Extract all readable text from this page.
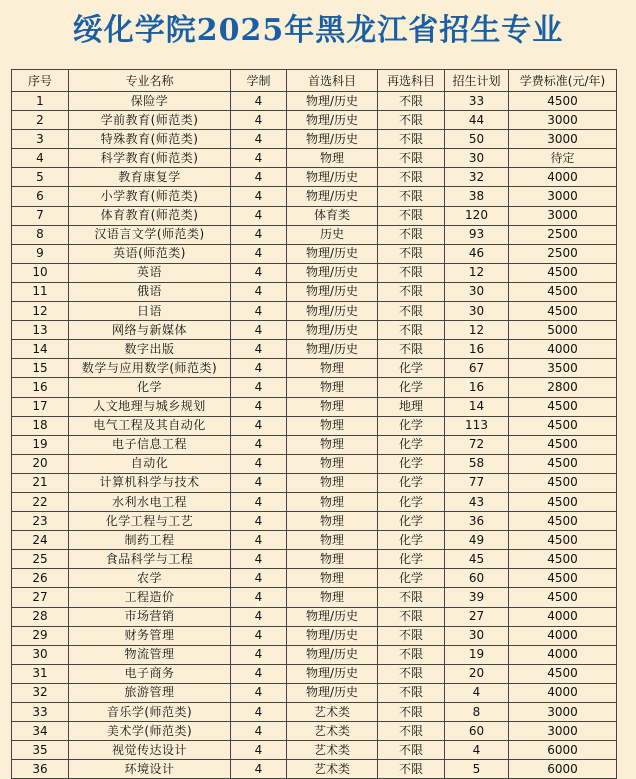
绥化学院2025年黑龙江省招生专业
序号	专业名称	学制	首选科目	再选科目	招生计划	学费标准(元/年)
1	保险学	4	物理/历史	不限	33	4500
2	学前教育(师范类)	4	物理/历史	不限	44	3000
3	特殊教育(师范类)	4	物理/历史	不限	50	3000
4	科学教育(师范类)	4	物理	不限	30	待定
5	教育康复学	4	物理/历史	不限	32	4000
6	小学教育(师范类)	4	物理/历史	不限	38	3000
7	体育教育(师范类)	4	体育类	不限	120	3000
8	汉语言文学(师范类)	4	历史	不限	93	2500
9	英语(师范类)	4	物理/历史	不限	46	2500
10	英语	4	物理/历史	不限	12	4500
11	俄语	4	物理/历史	不限	30	4500
12	日语	4	物理/历史	不限	30	4500
13	网络与新媒体	4	物理/历史	不限	12	5000
14	数字出版	4	物理/历史	不限	16	4000
15	数学与应用数学(师范类)	4	物理	化学	67	3500
16	化学	4	物理	化学	16	2800
17	人文地理与城乡规划	4	物理	地理	14	4500
18	电气工程及其自动化	4	物理	化学	113	4500
19	电子信息工程	4	物理	化学	72	4500
20	自动化	4	物理	化学	58	4500
21	计算机科学与技术	4	物理	化学	77	4500
22	水利水电工程	4	物理	化学	43	4500
23	化学工程与工艺	4	物理	化学	36	4500
24	制药工程	4	物理	化学	49	4500
25	食品科学与工程	4	物理	化学	45	4500
26	农学	4	物理	化学	60	4500
27	工程造价	4	物理	不限	39	4500
28	市场营销	4	物理/历史	不限	27	4000
29	财务管理	4	物理/历史	不限	30	4000
30	物流管理	4	物理/历史	不限	19	4000
31	电子商务	4	物理/历史	不限	20	4500
32	旅游管理	4	物理/历史	不限	4	4000
33	音乐学(师范类)	4	艺术类	不限	8	3000
34	美术学(师范类)	4	艺术类	不限	60	3000
35	视觉传达设计	4	艺术类	不限	4	6000
36	环境设计	4	艺术类	不限	5	6000
